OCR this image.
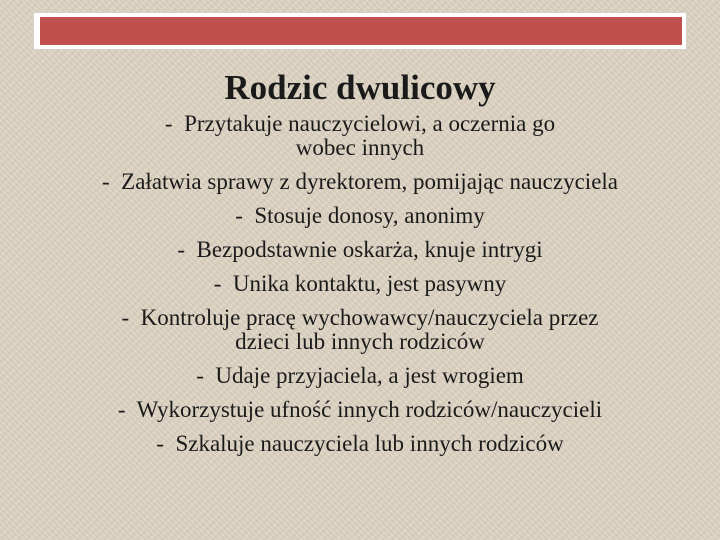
Rodzic dwulicowy
- Przytakuje nauczycielowi, a oczernia go
wobec innych
- Załatwia sprawy z dyrektorem, pomijając nauczyciela
- Stosuje donosy, anonimy
- Bezpodstawnie oskarża, knuje intrygi
- Unika kontaktu, jest pasywny
- Kontroluje pracę wychowawcy/nauczyciela przez
dzieci lub innych rodziców
- Udaje przyjaciela, a jest wrogiem
- Wykorzystuje ufność innych rodziców/nauczycieli
- Szkaluje nauczyciela lub innych rodziców
